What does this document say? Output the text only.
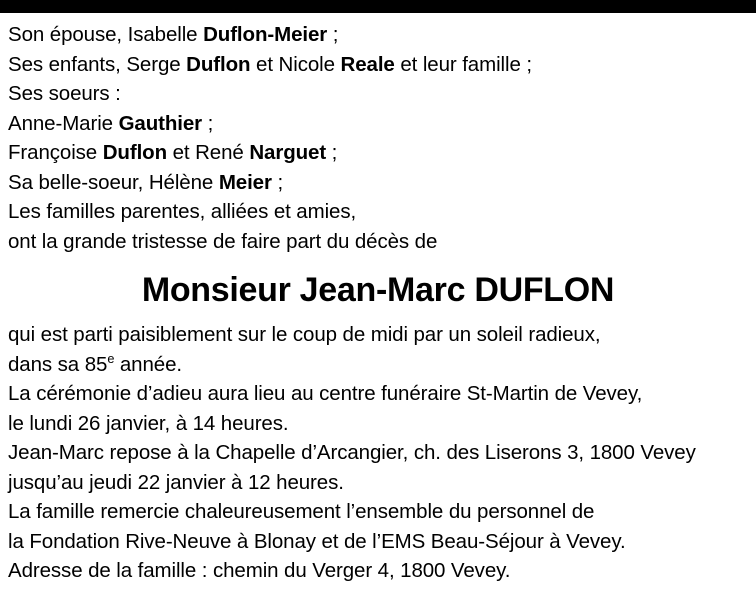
Son épouse, Isabelle Duflon-Meier ;
Ses enfants, Serge Duflon et Nicole Reale et leur famille ;
Ses soeurs :
Anne-Marie Gauthier ;
Françoise Duflon et René Narguet ;
Sa belle-soeur, Hélène Meier ;
Les familles parentes, alliées et amies,
ont la grande tristesse de faire part du décès de
Monsieur Jean-Marc DUFLON
qui est parti paisiblement sur le coup de midi par un soleil radieux,
dans sa 85e année.
La cérémonie d’adieu aura lieu au centre funéraire St-Martin de Vevey,
le lundi 26 janvier, à 14 heures.
Jean-Marc repose à la Chapelle d’Arcangier, ch. des Liserons 3, 1800 Vevey
jusqu’au jeudi 22 janvier à 12 heures.
La famille remercie chaleureusement l’ensemble du personnel de
la Fondation Rive-Neuve à Blonay et de l’EMS Beau-Séjour à Vevey.
Adresse de la famille : chemin du Verger 4, 1800 Vevey.
